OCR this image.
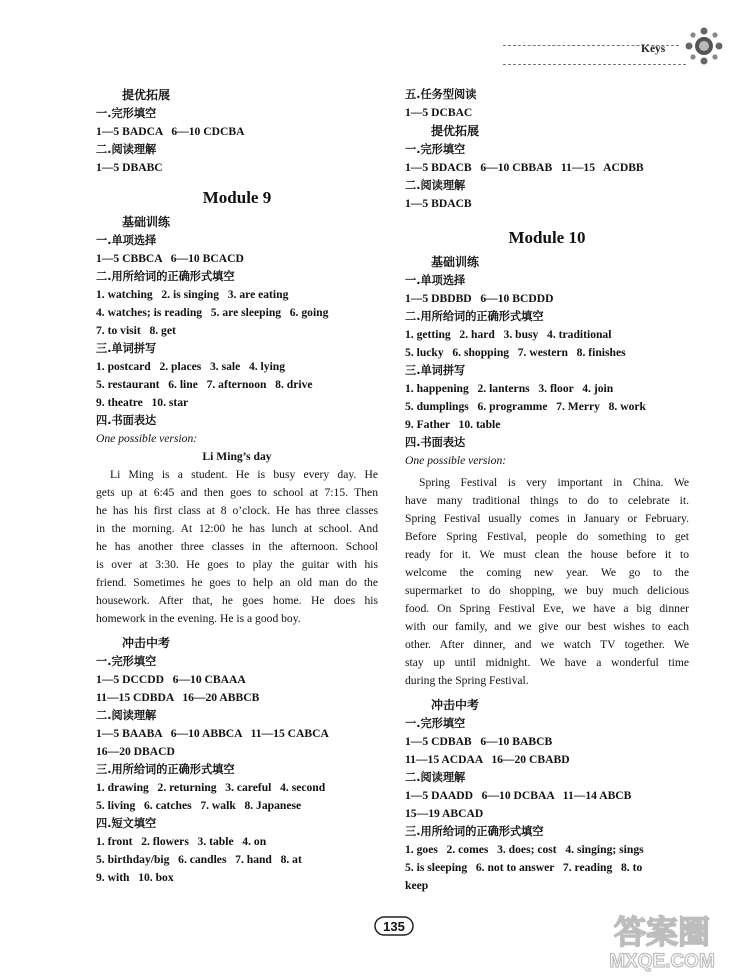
Keys
提优拓展
一.完形填空
1—5 BADCA   6—10 CDCBA
二.阅读理解
1—5 DBABC
Module 9
基础训练
一.单项选择
1—5 CBBCA   6—10 BCACD
二.用所给词的正确形式填空
1. watching   2. is singing   3. are eating
4. watches; is reading   5. are sleeping   6. going
7. to visit   8. get
三.单词拼写
1. postcard   2. places   3. sale   4. lying
5. restaurant   6. line   7. afternoon   8. drive
9. theatre   10. star
四.书面表达
One possible version:
Li Ming’s day

Li Ming is a student. He is busy every day. He

gets up at 6:45 and then goes to school at 7:15. Then

he has his first class at 8 o’clock. He has three classes

in the morning. At 12:00 he has lunch at school. And

he has another three classes in the afternoon. School

is over at 3:30. He goes to play the guitar with his

friend. Sometimes he goes to help an old man do the

housework. After that, he goes home. He does his

homework in the evening. He is a good boy.

冲击中考
一.完形填空
1—5 DCCDD   6—10 CBAAA
11—15 CDBDA   16—20 ABBCB
二.阅读理解
1—5 BAABA   6—10 ABBCA   11—15 CABCA
16—20 DBACD
三.用所给词的正确形式填空
1. drawing   2. returning   3. careful   4. second
5. living   6. catches   7. walk   8. Japanese
四.短文填空
1. front   2. flowers   3. table   4. on
5. birthday/big   6. candles   7. hand   8. at
9. with   10. box
五.任务型阅读
1—5 DCBAC
提优拓展
一.完形填空
1—5 BDACB   6—10 CBBAB   11—15   ACDBB
二.阅读理解
1—5 BDACB
Module 10
基础训练
一.单项选择
1—5 DBDBD   6—10 BCDDD
二.用所给词的正确形式填空
1. getting   2. hard   3. busy   4. traditional
5. lucky   6. shopping   7. western   8. finishes
三.单词拼写
1. happening   2. lanterns   3. floor   4. join
5. dumplings   6. programme   7. Merry   8. work
9. Father   10. table
四.书面表达
One possible version:

Spring Festival is very important in China. We

have many traditional things to do to celebrate it.

Spring Festival usually comes in January or February.

Before Spring Festival, people do something to get

ready for it. We must clean the house before it to

welcome the coming new year. We go to the

supermarket to do shopping, we buy much delicious

food. On Spring Festival Eve, we have a big dinner

with our family, and we give our best wishes to each

other. After dinner, and we watch TV together. We

stay up until midnight. We have a wonderful time

during the Spring Festival.

冲击中考
一.完形填空
1—5 CDBAB   6—10 BABCB
11—15 ACDAA   16—20 CBABD
二.阅读理解
1—5 DAADD   6—10 DCBAA   11—14 ABCB
15—19 ABCAD
三.用所给词的正确形式填空
1. goes   2. comes   3. does; cost   4. singing; sings
5. is sleeping   6. not to answer   7. reading   8. to
keep
135	答案圈
MXQE.COM
